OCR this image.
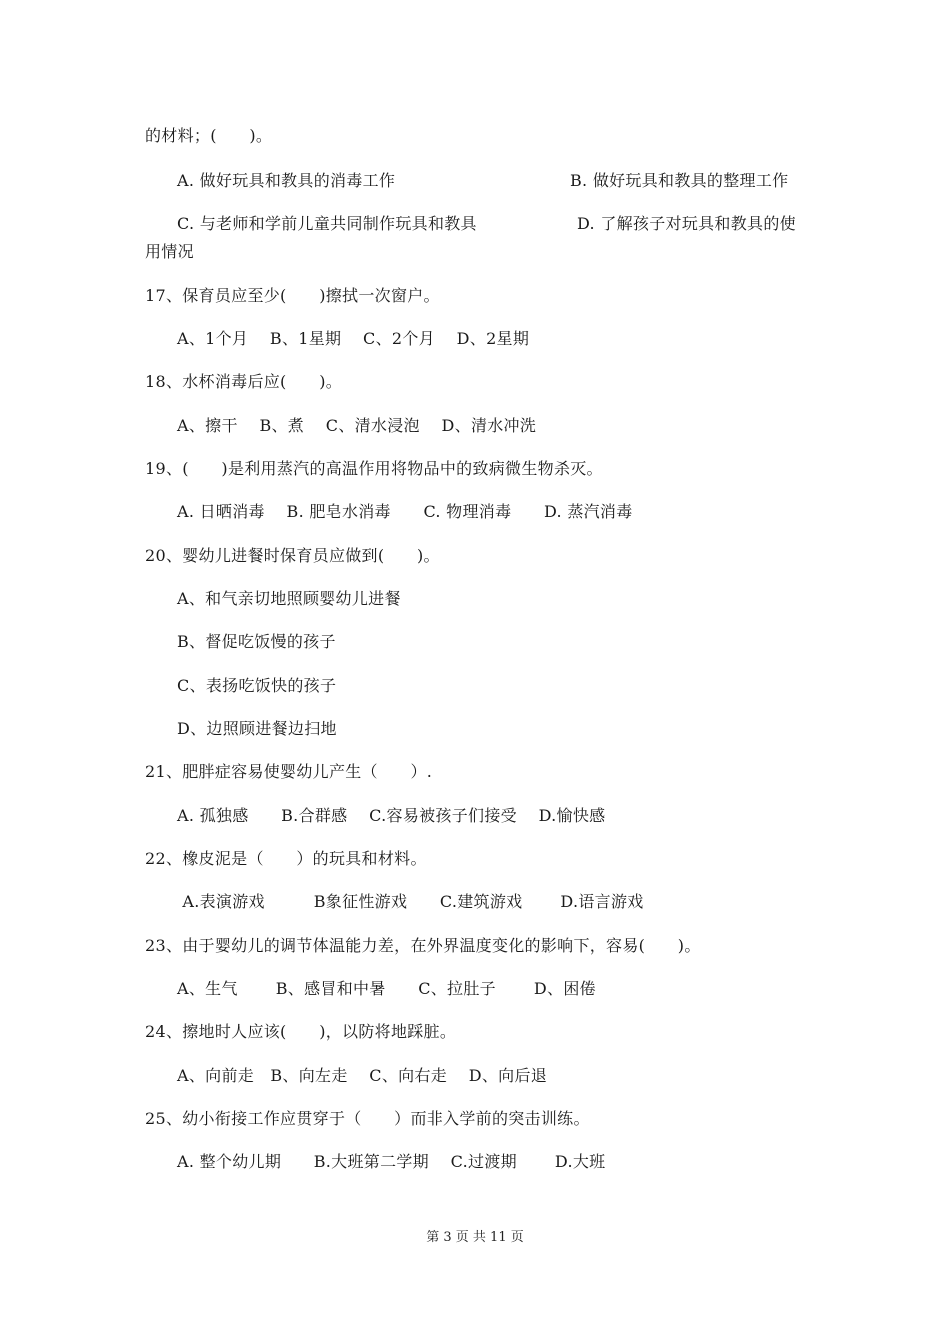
的材料；(　　)。
A. 做好玩具和教具的消毒工作	B. 做好玩具和教具的整理工作
C. 与老师和学前儿童共同制作玩具和教具	D. 了解孩子对玩具和教具的使
用情况
17、保育员应至少(　　)擦拭一次窗户。
A、1个月　 B、1星期　 C、2个月　 D、2星期
18、水杯消毒后应(　　)。
A、擦干　 B、煮　 C、清水浸泡　 D、清水冲洗
19、(　　)是利用蒸汽的高温作用将物品中的致病微生物杀灭。
A. 日晒消毒　 B. 肥皂水消毒　　C. 物理消毒　　D. 蒸汽消毒
20、婴幼儿进餐时保育员应做到(　　)。
A、和气亲切地照顾婴幼儿进餐
B、督促吃饭慢的孩子
C、表扬吃饭快的孩子
D、边照顾进餐边扫地
21、肥胖症容易使婴幼儿产生（　　）.
A. 孤独感　　B.合群感　 C.容易被孩子们接受　 D.愉快感
22、橡皮泥是（　　）的玩具和材料。
A.表演游戏　　　B象征性游戏　　C.建筑游戏　　 D.语言游戏
23、由于婴幼儿的调节体温能力差，在外界温度变化的影响下，容易(　　)。
A、生气　　 B、感冒和中暑　　C、拉肚子　　 D、困倦
24、擦地时人应该(　　)，以防将地踩脏。
A、向前走　B、向左走　 C、向右走　 D、向后退
25、幼小衔接工作应贯穿于（　　）而非入学前的突击训练。
A. 整个幼儿期　　B.大班第二学期　 C.过渡期　　 D.大班
第 3 页 共 11 页
